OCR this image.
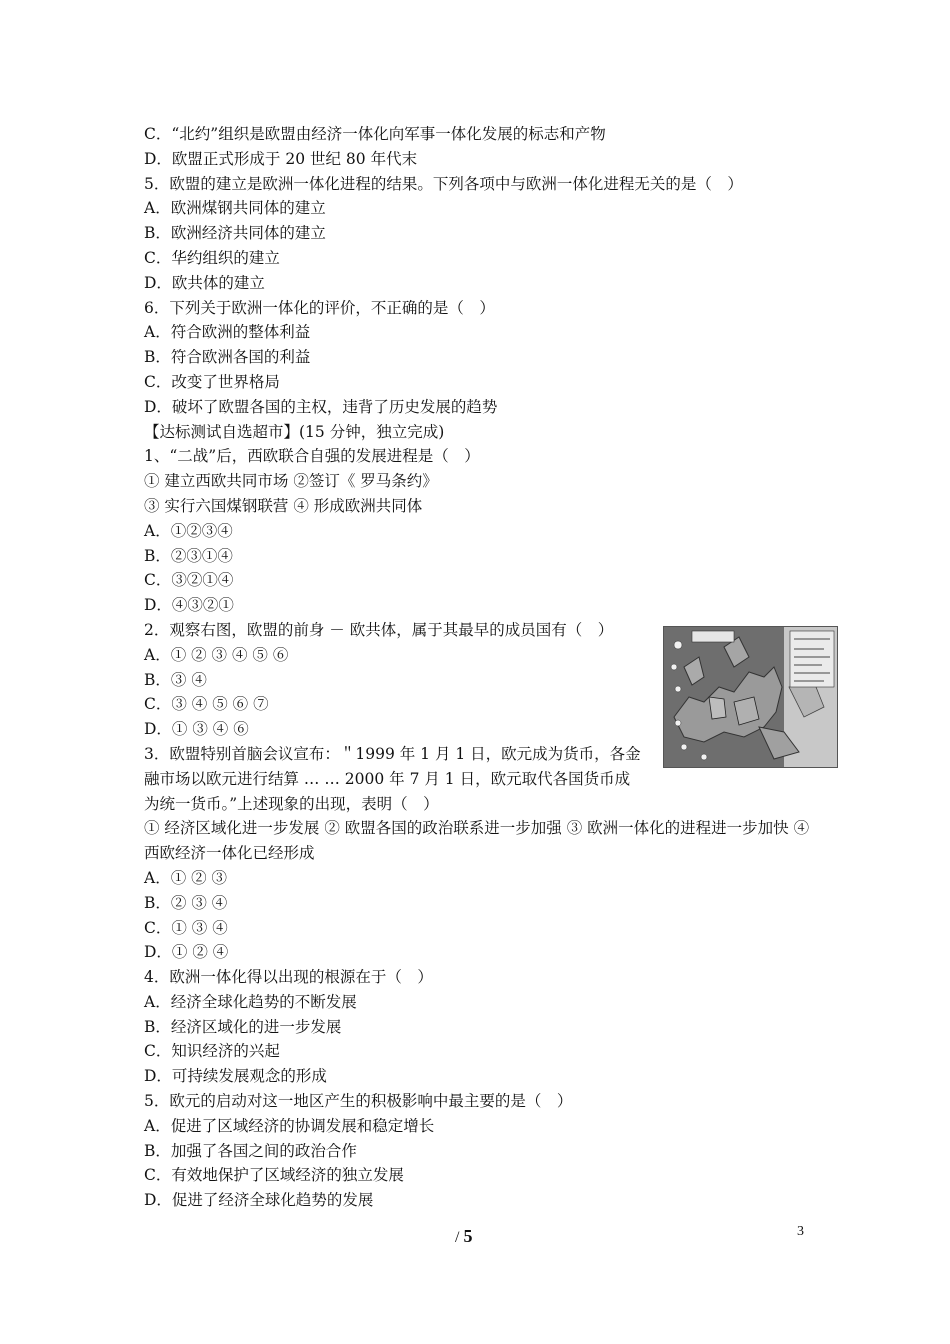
C．“北约”组织是欧盟由经济一体化向军事一体化发展的标志和产物
D．欧盟正式形成于 20 世纪 80 年代末
5．欧盟的建立是欧洲一体化进程的结果。下列各项中与欧洲一体化进程无关的是（　）
A．欧洲煤钢共同体的建立
B．欧洲经济共同体的建立
C．华约组织的建立
D．欧共体的建立
6．下列关于欧洲一体化的评价，不正确的是（　）
A．符合欧洲的整体利益
B．符合欧洲各国的利益
C．改变了世界格局
D．破坏了欧盟各国的主权，违背了历史发展的趋势
【达标测试自选超市】(15 分钟，独立完成)
1、“二战”后，西欧联合自强的发展进程是（　）
① 建立西欧共同市场 ②签订《 罗马条约》
③ 实行六国煤钢联营 ④ 形成欧洲共同体
A．①②③④
B．②③①④
C．③②①④
D．④③②①
2．观察右图，欧盟的前身 － 欧共体，属于其最早的成员国有（　）
A．① ② ③ ④ ⑤ ⑥
B．③ ④
C．③ ④ ⑤ ⑥ ⑦
D．① ③ ④ ⑥
3．欧盟特别首脑会议宣布：＂1999 年 1 月 1 日，欧元成为货币，各金融市场以欧元进行结算 … … 2000 年 7 月 1 日，欧元取代各国货币成为统一货币。”上述现象的出现，表明（　）
① 经济区域化进一步发展 ② 欧盟各国的政治联系进一步加强 ③ 欧洲一体化的进程进一步加快 ④ 西欧经济一体化已经形成
A．① ② ③
B．② ③ ④
C．① ③ ④
D．① ② ④
4．欧洲一体化得以出现的根源在于（　）
A．经济全球化趋势的不断发展
B．经济区域化的进一步发展
C．知识经济的兴起
D．可持续发展观念的形成
5．欧元的启动对这一地区产生的积极影响中最主要的是（　）
A．促进了区域经济的协调发展和稳定增长
B．加强了各国之间的政治合作
C．有效地保护了区域经济的独立发展
D．促进了经济全球化趋势的发展
/ 5	3
